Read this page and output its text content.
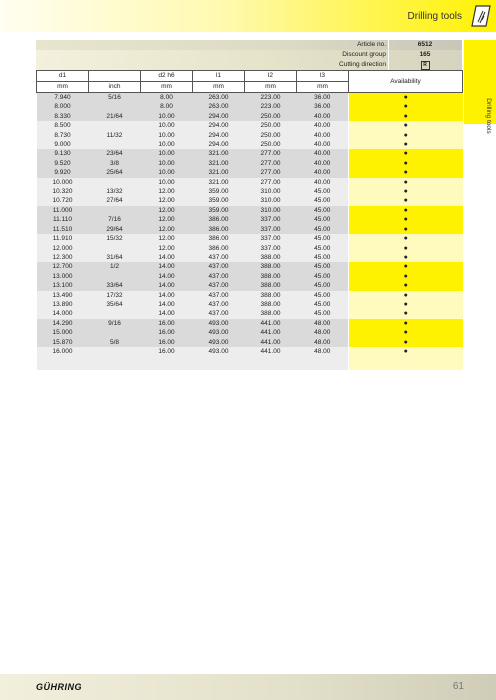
Drilling tools
Drilling tools
Article no.	6512
Discount group	165
Cutting direction	R
d1		d2 h6	l1	l2	l3	Availability
mm	inch	mm	mm	mm	mm	
7.940	5/16	8.00	263.00	223.00	36.00	●
8.000		8.00	263.00	223.00	36.00	●
8.330	21/64	10.00	294.00	250.00	40.00	●
8.500		10.00	294.00	250.00	40.00	●
8.730	11/32	10.00	294.00	250.00	40.00	●
9.000		10.00	294.00	250.00	40.00	●
9.130	23/64	10.00	321.00	277.00	40.00	●
9.520	3/8	10.00	321.00	277.00	40.00	●
9.920	25/64	10.00	321.00	277.00	40.00	●
10.000		10.00	321.00	277.00	40.00	●
10.320	13/32	12.00	359.00	310.00	45.00	●
10.720	27/64	12.00	359.00	310.00	45.00	●
11.000		12.00	359.00	310.00	45.00	●
11.110	7/16	12.00	386.00	337.00	45.00	●
11.510	29/64	12.00	386.00	337.00	45.00	●
11.910	15/32	12.00	386.00	337.00	45.00	●
12.000		12.00	386.00	337.00	45.00	●
12.300	31/64	14.00	437.00	388.00	45.00	●
12.700	1/2	14.00	437.00	388.00	45.00	●
13.000		14.00	437.00	388.00	45.00	●
13.100	33/64	14.00	437.00	388.00	45.00	●
13.490	17/32	14.00	437.00	388.00	45.00	●
13.890	35/64	14.00	437.00	388.00	45.00	●
14.000		14.00	437.00	388.00	45.00	●
14.290	9/16	16.00	493.00	441.00	48.00	●
15.000		16.00	493.00	441.00	48.00	●
15.870	5/8	16.00	493.00	441.00	48.00	●
16.000		16.00	493.00	441.00	48.00	●

GÜHRING	61
